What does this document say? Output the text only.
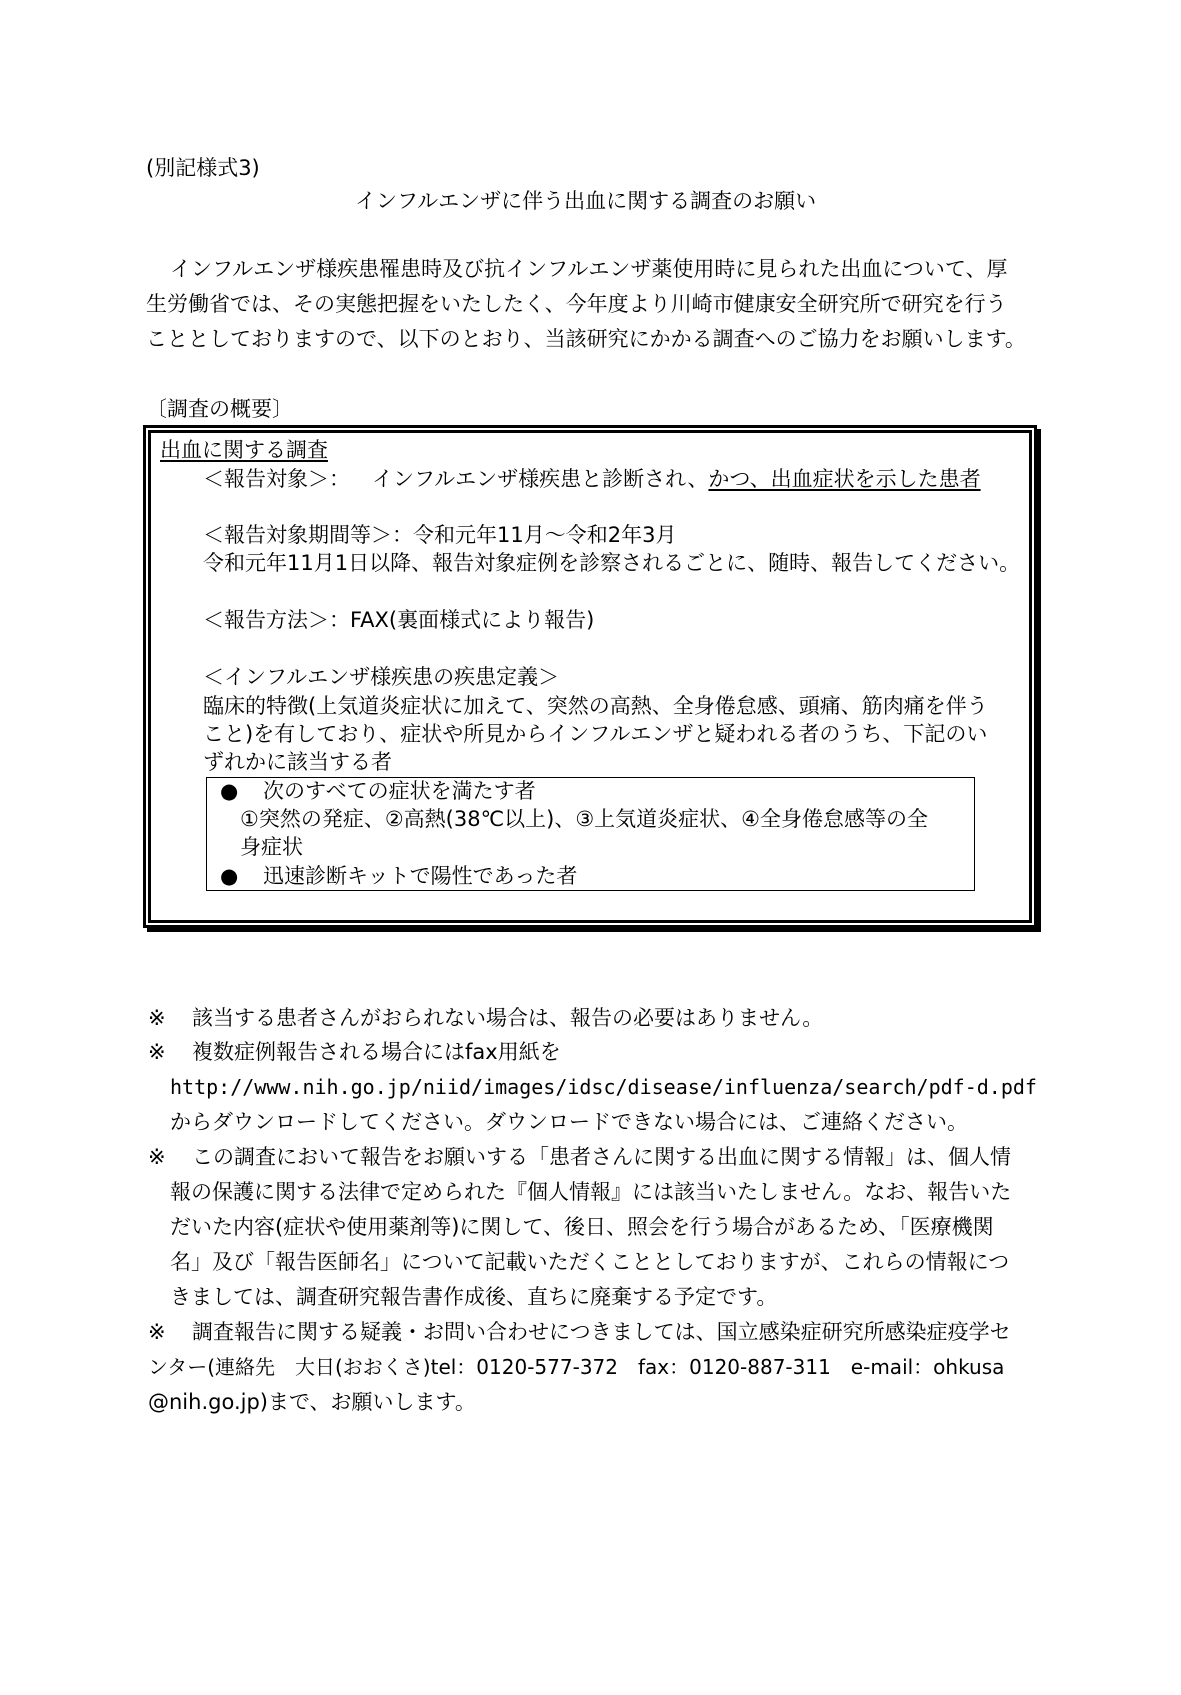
(別記様式3)
インフルエンザに伴う出血に関する調査のお願い
インフルエンザ様疾患罹患時及び抗インフルエンザ薬使用時に見られた出血について、厚
生労働省では、その実態把握をいたしたく、今年度より川崎市健康安全研究所で研究を行う
こととしておりますので、以下のとおり、当該研究にかかる調査へのご協力をお願いします。
〔調査の概要〕
出血に関する調査
＜報告対象＞： インフルエンザ様疾患と診断され、かつ、出血症状を示した患者
＜報告対象期間等＞：令和元年11月～令和2年3月
令和元年11月1日以降、報告対象症例を診察されるごとに、随時、報告してください。
＜報告方法＞：FAX(裏面様式により報告)
＜インフルエンザ様疾患の疾患定義＞
臨床的特徴(上気道炎症状に加えて、突然の高熱、全身倦怠感、頭痛、筋肉痛を伴う
こと)を有しており、症状や所見からインフルエンザと疑われる者のうち、下記のい
ずれかに該当する者
● 次のすべての症状を満たす者
①突然の発症、②高熱(38℃以上)、③上気道炎症状、④全身倦怠感等の全
身症状
● 迅速診断キットで陽性であった者
※ 該当する患者さんがおられない場合は、報告の必要はありません。
※ 複数症例報告される場合にはfax用紙を
http://www.nih.go.jp/niid/images/idsc/disease/influenza/search/pdf-d.pdf
からダウンロードしてください。ダウンロードできない場合には、ご連絡ください。
※ この調査において報告をお願いする「患者さんに関する出血に関する情報」は、個人情
報の保護に関する法律で定められた『個人情報』には該当いたしません。なお、報告いた
だいた内容(症状や使用薬剤等)に関して、後日、照会を行う場合があるため、「医療機関
名」及び「報告医師名」について記載いただくこととしておりますが、これらの情報につ
きましては、調査研究報告書作成後、直ちに廃棄する予定です。
※ 調査報告に関する疑義・お問い合わせにつきましては、国立感染症研究所感染症疫学セ
ンター(連絡先　大日(おおくさ)tel：0120-577-372　fax：0120-887-311　e-mail：ohkusa
@nih.go.jp)まで、お願いします。
